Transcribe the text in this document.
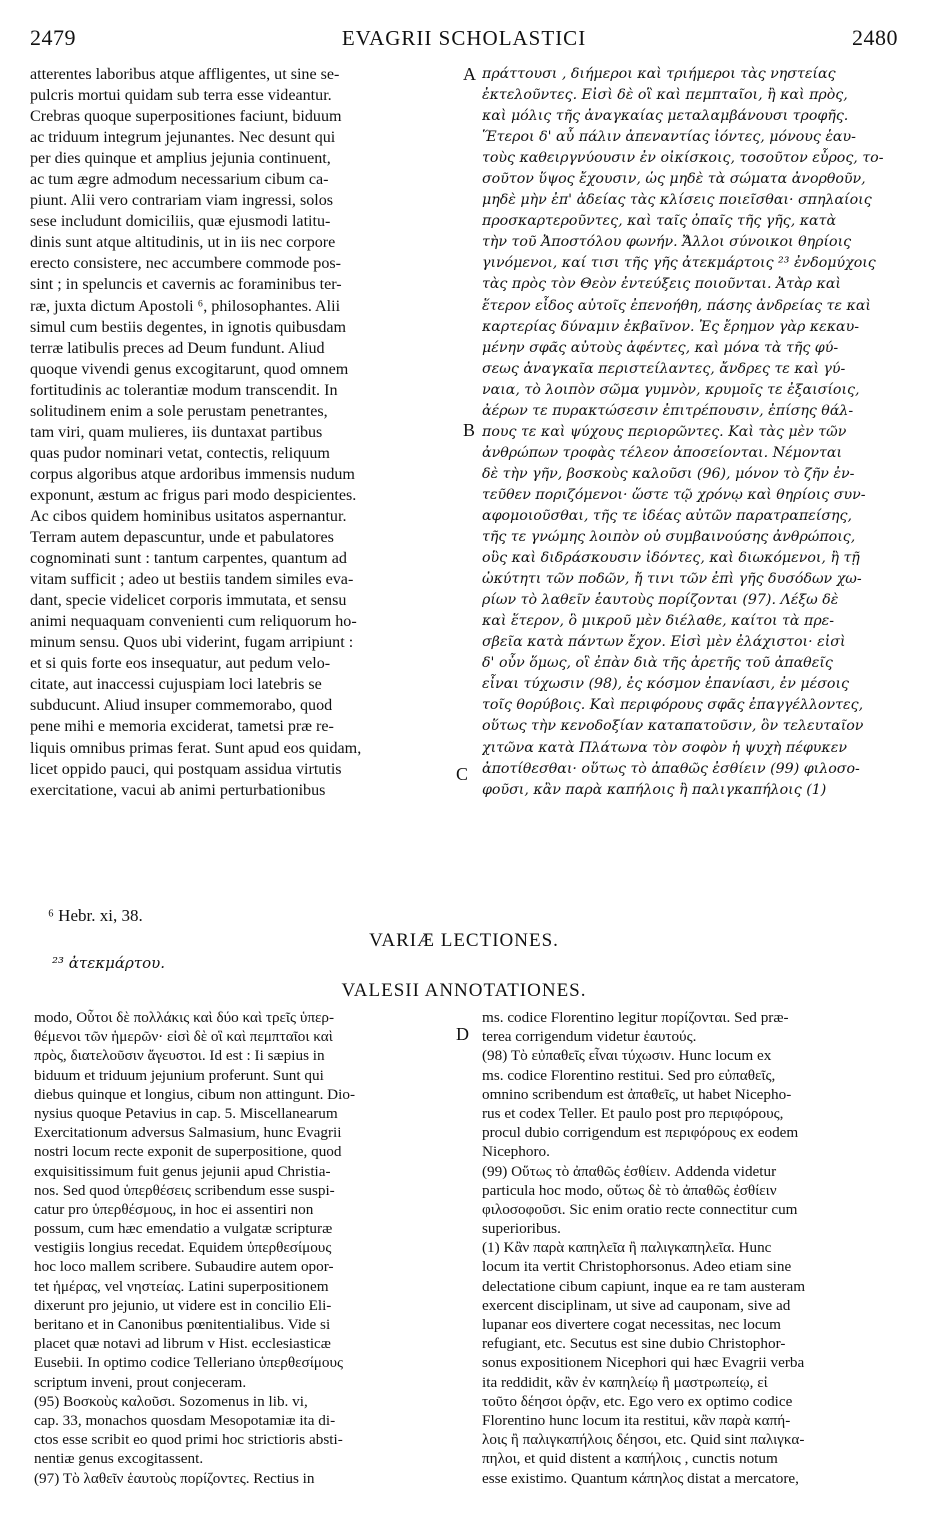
2479	EVAGRII SCHOLASTICI	2480
atterentes laboribus atque affligentes, ut sine se-
pulcris mortui quidam sub terra esse videantur.
Crebras quoque superpositiones faciunt, biduum
ac triduum integrum jejunantes. Nec desunt qui
per dies quinque et amplius jejunia continuent,
ac tum ægre admodum necessarium cibum ca-
piunt. Alii vero contrariam viam ingressi, solos
sese includunt domiciliis, quæ ejusmodi latitu-
dinis sunt atque altitudinis, ut in iis nec corpore
erecto consistere, nec accumbere commode pos-
sint ; in speluncis et cavernis ac foraminibus ter-
ræ, juxta dictum Apostoli ⁶, philosophantes. Alii
simul cum bestiis degentes, in ignotis quibusdam
terræ latibulis preces ad Deum fundunt. Aliud
quoque vivendi genus excogitarunt, quod omnem
fortitudinis ac tolerantiæ modum transcendit. In
solitudinem enim a sole perustam penetrantes,
tam viri, quam mulieres, iis duntaxat partibus
quas pudor nominari vetat, contectis, reliquum
corpus algoribus atque ardoribus immensis nudum
exponunt, æstum ac frigus pari modo despicientes.
Ac cibos quidem hominibus usitatos aspernantur.
Terram autem depascuntur, unde et pabulatores
cognominati sunt : tantum carpentes, quantum ad
vitam sufficit ; adeo ut bestiis tandem similes eva-
dant, specie videlicet corporis immutata, et sensu
animi nequaquam convenienti cum reliquorum ho-
minum sensu. Quos ubi viderint, fugam arripiunt :
et si quis forte eos insequatur, aut pedum velo-
citate, aut inaccessi cujuspiam loci latebris se
subducunt. Aliud insuper commemorabo, quod
pene mihi e memoria exciderat, tametsi præ re-
liquis omnibus primas ferat. Sunt apud eos quidam,
licet oppido pauci, qui postquam assidua virtutis
exercitatione, vacui ab animi perturbationibus
πράττουσι , διήμεροι καὶ τριήμεροι τὰς νηστείας
ἐκτελοῦντες. Εἰσὶ δὲ οἳ καὶ πεμπταῖοι, ἢ καὶ πρὸς,
καὶ μόλις τῆς ἀναγκαίας μεταλαμβάνουσι τροφῆς.
Ἕτεροι δ' αὖ πάλιν ἀπεναντίας ἰόντες, μόνους ἑαυ-
τοὺς καθειργνύουσιν ἐν οἰκίσκοις, τοσοῦτον εὖρος, το-
σοῦτον ὕψος ἔχουσιν, ὡς μηδὲ τὰ σώματα ἀνορθοῦν,
μηδὲ μὴν ἐπ' ἀδείας τὰς κλίσεις ποιεῖσθαι· σπηλαίοις
προσκαρτεροῦντες, καὶ ταῖς ὀπαῖς τῆς γῆς, κατὰ
τὴν τοῦ Ἀποστόλου φωνήν. Ἄλλοι σύνοικοι θηρίοις
γινόμενοι, καί τισι τῆς γῆς ἀτεκμάρτοις ²³ ἐνδομύχοις
τὰς πρὸς τὸν Θεὸν ἐντεύξεις ποιοῦνται. Ἀτὰρ καὶ
ἕτερον εἶδος αὐτοῖς ἐπενοήθη, πάσης ἀνδρείας τε καὶ
καρτερίας δύναμιν ἐκβαῖνον. Ἐς ἔρημον γὰρ κεκαυ-
μένην σφᾶς αὐτοὺς ἀφέντες, καὶ μόνα τὰ τῆς φύ-
σεως ἀναγκαῖα περιστείλαντες, ἄνδρες τε καὶ γύ-
ναια, τὸ λοιπὸν σῶμα γυμνὸν, κρυμοῖς τε ἐξαισίοις,
ἀέρων τε πυρακτώσεσιν ἐπιτρέπουσιν, ἐπίσης θάλ-
πους τε καὶ ψύχους περιορῶντες. Καὶ τὰς μὲν τῶν
ἀνθρώπων τροφὰς τέλεον ἀποσείονται. Νέμονται
δὲ τὴν γῆν, βοσκοὺς καλοῦσι (96), μόνον τὸ ζῆν ἐν-
τεῦθεν ποριζόμενοι· ὥστε τῷ χρόνῳ καὶ θηρίοις συν-
αφομοιοῦσθαι, τῆς τε ἰδέας αὐτῶν παρατραπείσης,
τῆς τε γνώμης λοιπὸν οὐ συμβαινούσης ἀνθρώποις,
οὓς καὶ διδράσκουσιν ἰδόντες, καὶ διωκόμενοι, ἢ τῇ
ὠκύτητι τῶν ποδῶν, ἤ τινι τῶν ἐπὶ γῆς δυσόδων χω-
ρίων τὸ λαθεῖν ἑαυτοὺς πορίζονται (97). Λέξω δὲ
καὶ ἕτερον, ὃ μικροῦ μὲν διέλαθε, καίτοι τὰ πρε-
σβεῖα κατὰ πάντων ἔχον. Εἰσὶ μὲν ἐλάχιστοι· εἰσὶ
δ' οὖν ὅμως, οἳ ἐπὰν διὰ τῆς ἀρετῆς τοῦ ἀπαθεῖς
εἶναι τύχωσιν (98), ἐς κόσμον ἐπανίασι, ἐν μέσοις
τοῖς θορύβοις. Καὶ περιφόρους σφᾶς ἐπαγγέλλοντες,
οὕτως τὴν κενοδοξίαν καταπατοῦσιν, ὃν τελευταῖον
χιτῶνα κατὰ Πλάτωνα τὸν σοφὸν ἡ ψυχὴ πέφυκεν
ἀποτίθεσθαι· οὕτως τὸ ἀπαθῶς ἐσθίειν (99) φιλοσο-
φοῦσι, κἂν παρὰ καπήλοις ἢ παλιγκαπήλοις (1)
A
B
C
D
⁶ Hebr. xi, 38.
VARIÆ LECTIONES.
²³ ἀτεκμάρτου.
VALESII ANNOTATIONES.
modo, Οὗτοι δὲ πολλάκις καὶ δύο καὶ τρεῖς ὑπερ-
θέμενοι τῶν ἡμερῶν· εἰσὶ δὲ οἳ καὶ πεμπταῖοι καὶ
πρὸς, διατελοῦσιν ἄγευστοι. Id est : Ii sæpius in
biduum et triduum jejunium proferunt. Sunt qui
diebus quinque et longius, cibum non attingunt. Dio-
nysius quoque Petavius in cap. 5. Miscellanearum
Exercitationum adversus Salmasium, hunc Evagrii
nostri locum recte exponit de superpositione, quod
exquisitissimum fuit genus jejunii apud Christia-
nos. Sed quod ὑπερθέσεις scribendum esse suspi-
catur pro ὑπερθέσμους, in hoc ei assentiri non
possum, cum hæc emendatio a vulgatæ scripturæ
vestigiis longius recedat. Equidem ὑπερθεσίμους
hoc loco mallem scribere. Subaudire autem opor-
tet ἡμέρας, vel νηστείας. Latini superpositionem
dixerunt pro jejunio, ut videre est in concilio Eli-
beritano et in Canonibus pœnitentialibus. Vide si
placet quæ notavi ad librum v Hist. ecclesiasticæ
Eusebii. In optimo codice Telleriano ὑπερθεσίμους
scriptum inveni, prout conjeceram.
(95) Βοσκοὺς καλοῦσι. Sozomenus in lib. vi,
cap. 33, monachos quosdam Mesopotamiæ ita di-
ctos esse scribit eo quod primi hoc strictioris absti-
nentiæ genus excogitassent.
(97) Τὸ λαθεῖν ἑαυτοὺς πορίζοντες. Rectius in
ms. codice Florentino legitur πορίζονται. Sed præ-
terea corrigendum videtur ἑαυτούς.
(98) Τὸ εὐπαθεῖς εἶναι τύχωσιν. Hunc locum ex
ms. codice Florentino restitui. Sed pro εὐπαθεῖς,
omnino scribendum est ἀπαθεῖς, ut habet Nicepho-
rus et codex Teller. Et paulo post pro περιφόρους,
procul dubio corrigendum est περιφόρους ex eodem
Nicephoro.
(99) Οὕτως τὸ ἀπαθῶς ἐσθίειν. Addenda videtur
particula hoc modo, οὕτως δὲ τὸ ἀπαθῶς ἐσθίειν
φιλοσοφοῦσι. Sic enim oratio recte connectitur cum
superioribus.
(1) Κἂν παρὰ καπηλεῖα ἢ παλιγκαπηλεῖα. Hunc
locum ita vertit Christophorsonus. Adeo etiam sine
delectatione cibum capiunt, inque ea re tam austeram
exercent disciplinam, ut sive ad cauponam, sive ad
lupanar eos divertere cogat necessitas, nec locum
refugiant, etc. Secutus est sine dubio Christophor-
sonus expositionem Nicephori qui hæc Evagrii verba
ita reddidit, κἂν ἐν καπηλείῳ ἢ μαστρωπείῳ, εἰ
τοῦτο δέησοι ὁρᾷν, etc. Ego vero ex optimo codice
Florentino hunc locum ita restitui, κἂν παρὰ καπή-
λοις ἢ παλιγκαπήλοις δέησοι, etc. Quid sint παλιγκα-
πηλοι, et quid distent a καπήλοις , cunctis notum
esse existimo. Quantum κάπηλος distat a mercatore,
